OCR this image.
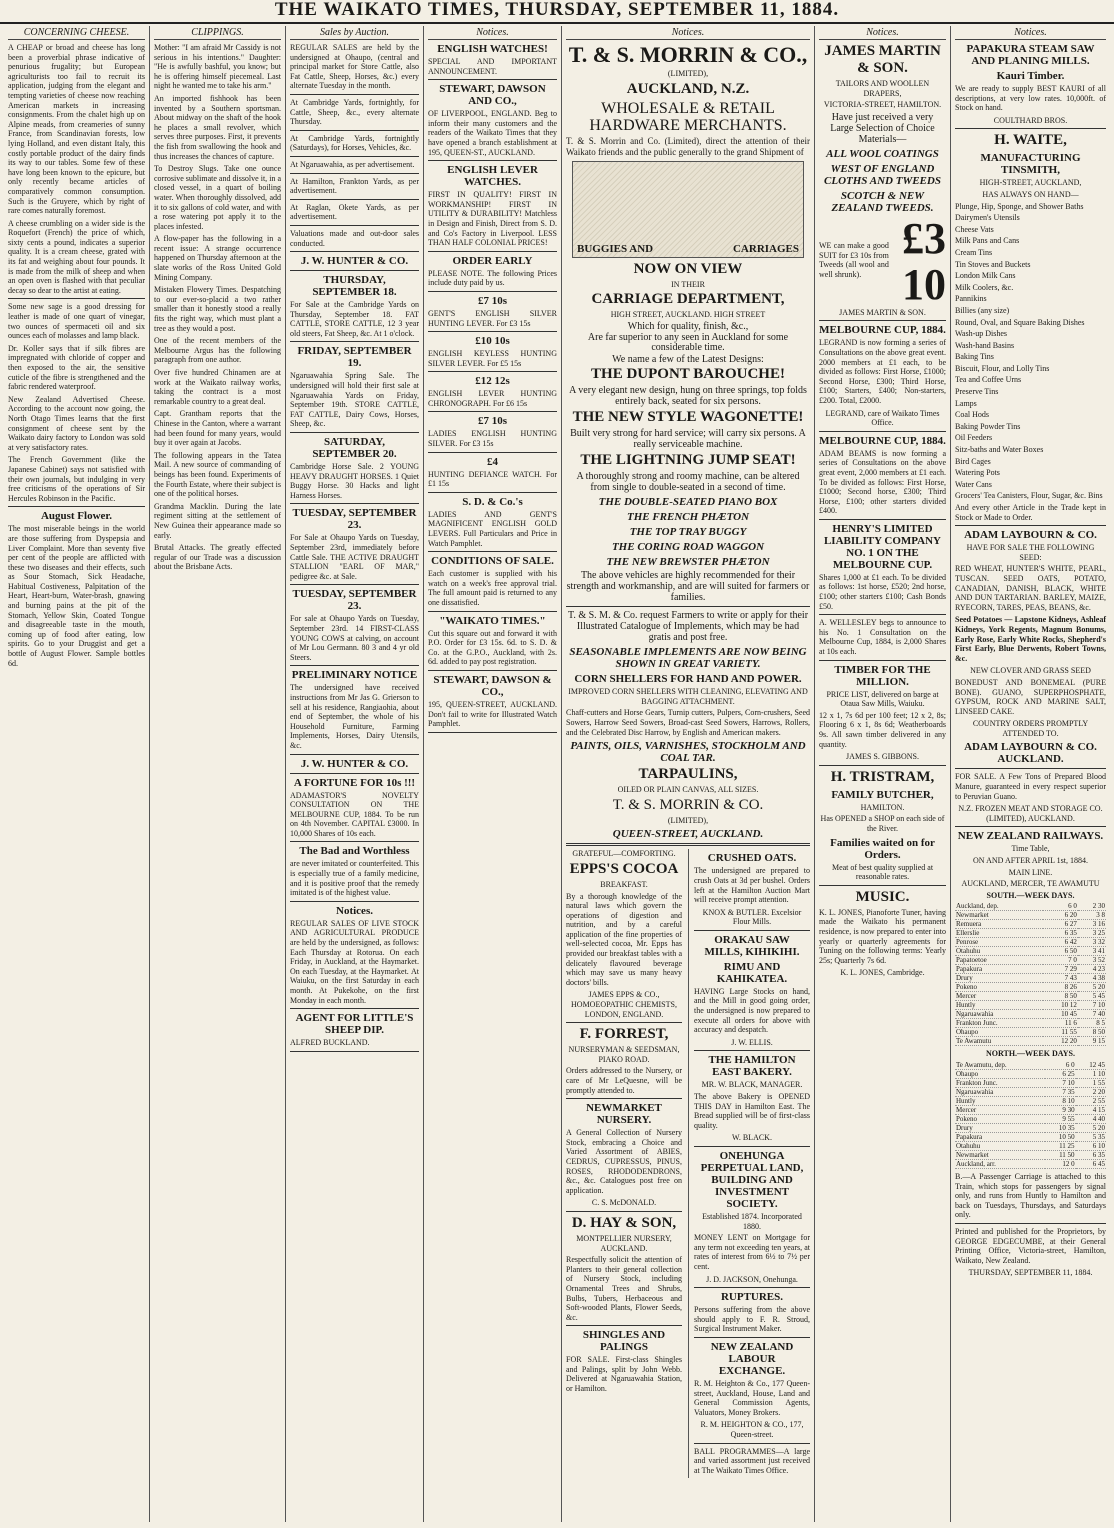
THE WAIKATO TIMES, THURSDAY, SEPTEMBER 11, 1884.
CONCERNING CHEESE.

A CHEAP or broad and cheese has long been a proverbial phrase indicative of penurious frugality; but European agriculturists too fail to recruit its application, judging from the elegant and tempting varieties of cheese now reaching American markets in increasing consignments. From the chalet high up on Alpine meads, from creameries of sunny France, from Scandinavian forests, low lying Holland, and even distant Italy, this costly portable product of the dairy finds its way to our tables. Some few of these have long been known to the epicure, but only recently became articles of comparatively common consumption. Such is the Gruyere, which by right of rare comes naturally foremost.

A cheese crumbling on a wider side is the Roquefort (French) the price of which, sixty cents a pound, indicates a superior quality. It is a cream cheese, grated with its fat and weighing about four pounds. It is made from the milk of sheep and when an open oven is flashed with that peculiar decay so dear to the artist at eating.

Some new sage is a good dressing for leather is made of one quart of vinegar, two ounces of spermaceti oil and six ounces each of molasses and lamp black.

Dr. Koller says that if silk fibres are impregnated with chloride of copper and then exposed to the air, the sensitive cuticle of the fibre is strengthened and the fabric rendered waterproof.

New Zealand Advertised Cheese. According to the account now going, the North Otago Times learns that the first consignment of cheese sent by the Waikato dairy factory to London was sold at very satisfactory rates.

The French Government (like the Japanese Cabinet) says not satisfied with their own journals, but indulging in very free criticisms of the operations of Sir Hercules Robinson in the Pacific.

August Flower.

The most miserable beings in the world are those suffering from Dyspepsia and Liver Complaint. More than seventy five per cent of the people are afflicted with these two diseases and their effects, such as Sour Stomach, Sick Headache, Habitual Costiveness, Palpitation of the Heart, Heart-burn, Water-brash, gnawing and burning pains at the pit of the Stomach, Yellow Skin, Coated Tongue and disagreeable taste in the mouth, coming up of food after eating, low spirits. Go to your Druggist and get a bottle of August Flower. Sample bottles 6d.

CLIPPINGS.

Mother: "I am afraid Mr Cassidy is not serious in his intentions." Daughter: "He is awfully bashful, you know; but he is offering himself piecemeal. Last night he wanted me to take his arm."

An imported fishhook has been invented by a Southern sportsman. About midway on the shaft of the hook he places a small revolver, which serves three purposes. First, it prevents the fish from swallowing the hook and thus increases the chances of capture.

To Destroy Slugs. Take one ounce corrosive sublimate and dissolve it, in a closed vessel, in a quart of boiling water. When thoroughly dissolved, add it to six gallons of cold water, and with a rose watering pot apply it to the places infested.

A flow-paper has the following in a recent issue: A strange occurrence happened on Thursday afternoon at the slate works of the Ross United Gold Mining Company.

Mistaken Flowery Times. Despatching to our ever-so-placid a two rather smaller than it honestly stood a really fits the right way, which must plant a tree as they would a post.

One of the recent members of the Melbourne Argus has the following paragraph from one author.

Over five hundred Chinamen are at work at the Waikato railway works, taking the contract is a most remarkable country to a great deal.

Capt. Grantham reports that the Chinese in the Canton, where a warrant had been found for many years, would buy it over again at Jacobs.

The following appears in the Tatea Mail. A new source of commanding of beings has been found. Experiments of the Fourth Estate, where their subject is one of the political horses.

Grandma Macklin. During the late regiment sitting at the settlement of New Guinea their appearance made so early.

Brutal Attacks. The greatly effected regular of our Trade was a discussion about the Brisbane Acts.

Sales by Auction.

REGULAR SALES are held by the undersigned at Ohaupo, (central and principal market for Store Cattle, also Fat Cattle, Sheep, Horses, &c.) every alternate Tuesday in the month.

At Cambridge Yards, fortnightly, for Cattle, Sheep, &c., every alternate Thursday.

At Cambridge Yards, fortnightly (Saturdays), for Horses, Vehicles, &c.

At Ngaruawahia, as per advertisement.

At Hamilton, Frankton Yards, as per advertisement.

At Raglan, Okete Yards, as per advertisement.

Valuations made and out-door sales conducted.

J. W. HUNTER & CO.
THURSDAY, SEPTEMBER 18.

For Sale at the Cambridge Yards on Thursday, September 18. FAT CATTLE, STORE CATTLE, 12 3 year old steers, Fat Sheep, &c. At 1 o'clock.

FRIDAY, SEPTEMBER 19.

Ngaruawahia Spring Sale. The undersigned will hold their first sale at Ngaruawahia Yards on Friday, September 19th. STORE CATTLE, FAT CATTLE, Dairy Cows, Horses, Sheep, &c.

SATURDAY, SEPTEMBER 20.

Cambridge Horse Sale. 2 YOUNG HEAVY DRAUGHT HORSES. 1 Quiet Buggy Horse. 30 Hacks and light Harness Horses.

TUESDAY, SEPTEMBER 23.

For Sale at Ohaupo Yards on Tuesday, September 23rd, immediately before Cattle Sale. THE ACTIVE DRAUGHT STALLION "EARL OF MAR," pedigree &c. at Sale.

TUESDAY, SEPTEMBER 23.

For sale at Ohaupo Yards on Tuesday, September 23rd. 14 FIRST-CLASS YOUNG COWS at calving, on account of Mr Lou Germann. 80 3 and 4 yr old Steers.

PRELIMINARY NOTICE

The undersigned have received instructions from Mr Jas G. Grierson to sell at his residence, Rangiaohia, about end of September, the whole of his Household Furniture, Farming Implements, Horses, Dairy Utensils, &c.

J. W. HUNTER & CO.
A FORTUNE FOR 10s !!!

ADAMASTOR'S NOVELTY CONSULTATION ON THE MELBOURNE CUP, 1884. To be run on 4th November. CAPITAL £3000. In 10,000 Shares of 10s each.

The Bad and Worthless

are never imitated or counterfeited. This is especially true of a family medicine, and it is positive proof that the remedy imitated is of the highest value.

Notices.

REGULAR SALES OF LIVE STOCK AND AGRICULTURAL PRODUCE are held by the undersigned, as follows: Each Thursday at Rotorua. On each Friday, in Auckland, at the Haymarket. On each Tuesday, at the Haymarket. At Waiuku, on the first Saturday in each month. At Pukekohe, on the first Monday in each month.

AGENT FOR LITTLE'S SHEEP DIP.

ALFRED BUCKLAND.

Notices.
ENGLISH WATCHES!

SPECIAL AND IMPORTANT ANNOUNCEMENT.

STEWART, DAWSON AND CO.,

OF LIVERPOOL, ENGLAND. Beg to inform their many customers and the readers of the Waikato Times that they have opened a branch establishment at 195, QUEEN-ST., AUCKLAND.

ENGLISH LEVER WATCHES.

FIRST IN QUALITY! FIRST IN WORKMANSHIP! FIRST IN UTILITY & DURABILITY! Matchless in Design and Finish, Direct from S. D. and Co's Factory in Liverpool. LESS THAN HALF COLONIAL PRICES!

ORDER EARLY

PLEASE NOTE. The following Prices include duty paid by us.

£7 10s

GENT'S ENGLISH SILVER HUNTING LEVER. For £3 15s

£10 10s

ENGLISH KEYLESS HUNTING SILVER LEVER. For £5 15s

£12 12s

ENGLISH LEVER HUNTING CHRONOGRAPH. For £6 15s

£7 10s

LADIES ENGLISH HUNTING SILVER. For £3 15s

£4

HUNTING DEFIANCE WATCH. For £1 15s

S. D. & Co.'s

LADIES AND GENT'S MAGNIFICENT ENGLISH GOLD LEVERS. Full Particulars and Price in Watch Pamphlet.

CONDITIONS OF SALE.

Each customer is supplied with his watch on a week's free approval trial. The full amount paid is returned to any one dissatisfied.

"WAIKATO TIMES."

Cut this square out and forward it with P.O. Order for £3 15s. 6d. to S. D. & Co. at the G.P.O., Auckland, with 2s. 6d. added to pay post registration.

STEWART, DAWSON & CO.,

195, QUEEN-STREET, AUCKLAND. Don't fail to write for Illustrated Watch Pamphlet.

Notices.
T. & S. MORRIN & CO.,
(LIMITED),
AUCKLAND, N.Z.
WHOLESALE & RETAIL HARDWARE MERCHANTS.

T. & S. Morrin and Co. (Limited), direct the attention of their Waikato friends and the public generally to the grand Shipment of

BUGGIES AND	CARRIAGES
NOW ON VIEW
IN THEIR
CARRIAGE DEPARTMENT,
HIGH STREET, AUCKLAND. HIGH STREET
Which for quality, finish, &c.,
Are far superior to any seen in Auckland for some considerable time.
We name a few of the Latest Designs:
THE DUPONT BAROUCHE!
A very elegant new design, hung on three springs, top folds entirely back, seated for six persons.
THE NEW STYLE WAGONETTE!
Built very strong for hard service; will carry six persons. A really serviceable machine.
THE LIGHTNING JUMP SEAT!
A thoroughly strong and roomy machine, can be altered from single to double-seated in a second of time.
THE DOUBLE-SEATED PIANO BOX
THE FRENCH PHÆTON
THE TOP TRAY BUGGY
THE CORING ROAD WAGGON
THE NEW BREWSTER PHÆTON
The above vehicles are highly recommended for their strength and workmanship, and are will suited for farmers or families.
T. & S. M. & Co. request Farmers to write or apply for their Illustrated Catalogue of Implements, which may be had gratis and post free.
SEASONABLE IMPLEMENTS ARE NOW BEING SHOWN IN GREAT VARIETY.
CORN SHELLERS FOR HAND AND POWER.
IMPROVED CORN SHELLERS WITH CLEANING, ELEVATING AND BAGGING ATTACHMENT.

Chaff-cutters and Horse Gears, Turnip cutters, Pulpers, Corn-crushers, Seed Sowers, Harrow Seed Sowers, Broad-cast Seed Sowers, Harrows, Rollers, and the Celebrated Disc Harrow, by English and American makers.

PAINTS, OILS, VARNISHES, STOCKHOLM AND COAL TAR.
TARPAULINS,
OILED OR PLAIN CANVAS, ALL SIZES.
T. & S. MORRIN & CO.
(LIMITED),
QUEEN-STREET, AUCKLAND.
GRATEFUL—COMFORTING.
EPPS'S COCOA
BREAKFAST.

By a thorough knowledge of the natural laws which govern the operations of digestion and nutrition, and by a careful application of the fine properties of well-selected cocoa, Mr. Epps has provided our breakfast tables with a delicately flavoured beverage which may save us many heavy doctors' bills.

JAMES EPPS & CO., HOMOEOPATHIC CHEMISTS, LONDON, ENGLAND.
F. FORREST,
NURSERYMAN & SEEDSMAN, PIAKO ROAD.

Orders addressed to the Nursery, or care of Mr LeQuesne, will be promptly attended to.

NEWMARKET NURSERY.

A General Collection of Nursery Stock, embracing a Choice and Varied Assortment of ABIES, CEDRUS, CUPRESSUS, PINUS, ROSES, RHODODENDRONS, &c., &c. Catalogues post free on application.

C. S. McDONALD.
D. HAY & SON,
MONTPELLIER NURSERY, AUCKLAND.

Respectfully solicit the attention of Planters to their general collection of Nursery Stock, including Ornamental Trees and Shrubs, Bulbs, Tubers, Herbaceous and Soft-wooded Plants, Flower Seeds, &c.

SHINGLES AND PALINGS

FOR SALE. First-class Shingles and Palings, split by John Webb. Delivered at Ngaruawahia Station, or Hamilton.

CRUSHED OATS.

The undersigned are prepared to crush Oats at 3d per bushel. Orders left at the Hamilton Auction Mart will receive prompt attention.

KNOX & BUTLER. Excelsior Flour Mills.
ORAKAU SAW MILLS, KIHIKIHI.
RIMU AND KAHIKATEA.

HAVING Large Stocks on hand, and the Mill in good going order, the undersigned is now prepared to execute all orders for above with accuracy and despatch.

J. W. ELLIS.
THE HAMILTON EAST BAKERY.
MR. W. BLACK, MANAGER.

The above Bakery is OPENED THIS DAY in Hamilton East. The Bread supplied will be of first-class quality.

W. BLACK.
ONEHUNGA PERPETUAL LAND, BUILDING AND INVESTMENT SOCIETY.
Established 1874. Incorporated 1880.

MONEY LENT on Mortgage for any term not exceeding ten years, at rates of interest from 6½ to 7½ per cent.

J. D. JACKSON, Onehunga.
RUPTURES.

Persons suffering from the above should apply to F. R. Stroud, Surgical Instrument Maker.

NEW ZEALAND LABOUR EXCHANGE.

R. M. Heighton & Co., 177 Queen-street, Auckland, House, Land and General Commission Agents, Valuators, Money Brokers.

R. M. HEIGHTON & CO., 177, Queen-street.

BALL PROGRAMMES—A large and varied assortment just received at The Waikato Times Office.

Notices.
JAMES MARTIN & SON.
TAILORS AND WOOLLEN DRAPERS,
VICTORIA-STREET, HAMILTON.
Have just received a very Large Selection of Choice Materials—
ALL WOOL COATINGS
WEST OF ENGLAND CLOTHS AND TWEEDS
SCOTCH & NEW ZEALAND TWEEDS.

WE can make a good SUIT for £3 10s from Tweeds (all wool and well shrunk).

£3 10
JAMES MARTIN & SON.
MELBOURNE CUP, 1884.

LEGRAND is now forming a series of Consultations on the above great event. 2000 members at £1 each, to be divided as follows: First Horse, £1000; Second Horse, £300; Third Horse, £100; Starters, £400; Non-starters, £200. Total, £2000.

LEGRAND, care of Waikato Times Office.
MELBOURNE CUP, 1884.

ADAM BEAMS is now forming a series of Consultations on the above great event, 2,000 members at £1 each. To be divided as follows: First Horse, £1000; Second horse, £300; Third Horse, £100; other starters divided £400.

HENRY'S LIMITED LIABILITY COMPANY NO. 1 ON THE MELBOURNE CUP.

Shares 1,000 at £1 each. To be divided as follows: 1st horse, £520; 2nd horse, £100; other starters £100; Cash Bonds £50.

A. WELLESLEY begs to announce to his No. 1 Consultation on the Melbourne Cup, 1884, is 2,000 Shares at 10s each.

TIMBER FOR THE MILLION.
PRICE LIST, delivered on barge at Otaua Saw Mills, Waiuku.

12 x 1, 7s 6d per 100 feet; 12 x 2, 8s; Flooring 6 x 1, 8s 6d; Weatherboards 9s. All sawn timber delivered in any quantity.

JAMES S. GIBBONS.
H. TRISTRAM,
FAMILY BUTCHER,
HAMILTON.
Has OPENED a SHOP on each side of the River.
Families waited on for Orders.
Meat of best quality supplied at reasonable rates.
MUSIC.

K. L. JONES, Pianoforte Tuner, having made the Waikato his permanent residence, is now prepared to enter into yearly or quarterly agreements for Tuning on the following terms: Yearly 25s; Quarterly 7s 6d.

K. L. JONES, Cambridge.
Notices.
PAPAKURA STEAM SAW AND PLANING MILLS.
Kauri Timber.

We are ready to supply BEST KAURI of all descriptions, at very low rates. 10,000ft. of Stock on hand.

COULTHARD BROS.
H. WAITE,
MANUFACTURING TINSMITH,
HIGH-STREET, AUCKLAND,
HAS ALWAYS ON HAND—
Plunge, Hip, Sponge, and Shower Baths
Dairymen's Utensils
Cheese Vats
Milk Pans and Cans
Cream Tins
Tin Stoves and Buckets
London Milk Cans
Milk Coolers, &c.
Pannikins
Billies (any size)
Round, Oval, and Square Baking Dishes
Wash-up Dishes
Wash-hand Basins
Baking Tins
Biscuit, Flour, and Lolly Tins
Tea and Coffee Urns
Preserve Tins
Lamps
Coal Hods
Baking Powder Tins
Oil Feeders
Sitz-baths and Water Boxes
Bird Cages
Watering Pots
Water Cans
Grocers' Tea Canisters, Flour, Sugar, &c. Bins

And every other Article in the Trade kept in Stock or Made to Order.

ADAM LAYBOURN & CO.
HAVE FOR SALE THE FOLLOWING SEED:

RED WHEAT, HUNTER'S WHITE, PEARL, TUSCAN. SEED OATS, POTATO, CANADIAN, DANISH, BLACK, WHITE AND DUN TARTARIAN. BARLEY, MAIZE, RYECORN, TARES, PEAS, BEANS, &c.

Seed Potatoes — Lapstone Kidneys, Ashleaf Kidneys, York Regents, Magnum Bonums, Early Rose, Early White Rocks, Shepherd's First Early, Blue Derwents, Robert Towns, &c.

NEW CLOVER AND GRASS SEED

BONEDUST AND BONEMEAL (PURE BONE). GUANO, SUPERPHOSPHATE, GYPSUM, ROCK AND MARINE SALT, LINSEED CAKE.

COUNTRY ORDERS PROMPTLY ATTENDED TO.
ADAM LAYBOURN & CO. AUCKLAND.

FOR SALE. A Few Tons of Prepared Blood Manure, guaranteed in every respect superior to Peruvian Guano.

N.Z. FROZEN MEAT AND STORAGE CO. (LIMITED), AUCKLAND.
NEW ZEALAND RAILWAYS.
Time Table,
ON AND AFTER APRIL 1st, 1884.
MAIN LINE.
AUCKLAND, MERCER, TE AWAMUTU
SOUTH.—WEEK DAYS.
Auckland, dep.	6 0	2 30
Newmarket	6 20	3 8
Remuera	6 27	3 16
Ellerslie	6 35	3 25
Penrose	6 42	3 32
Otahuhu	6 50	3 41
Papatoetoe	7 0	3 52
Papakura	7 29	4 23
Drury	7 43	4 38
Pokeno	8 26	5 20
Mercer	8 50	5 45
Huntly	10 12	7 10
Ngaruawahia	10 45	7 40
Frankton Junc.	11 6	8 5
Ohaupo	11 55	8 50
Te Awamutu	12 20	9 15
NORTH.—WEEK DAYS.
Te Awamutu, dep.	6 0	12 45
Ohaupo	6 25	1 10
Frankton Junc.	7 10	1 55
Ngaruawahia	7 35	2 20
Huntly	8 10	2 55
Mercer	9 30	4 15
Pokeno	9 55	4 40
Drury	10 35	5 20
Papakura	10 50	5 35
Otahuhu	11 25	6 10
Newmarket	11 50	6 35
Auckland, arr.	12 0	6 45

B.—A Passenger Carriage is attached to this Train, which stops for passengers by signal only, and runs from Huntly to Hamilton and back on Tuesdays, Thursdays, and Saturdays only.

Printed and published for the Proprietors, by GEORGE EDGECUMBE, at their General Printing Office, Victoria-street, Hamilton, Waikato, New Zealand.

THURSDAY, SEPTEMBER 11, 1884.
